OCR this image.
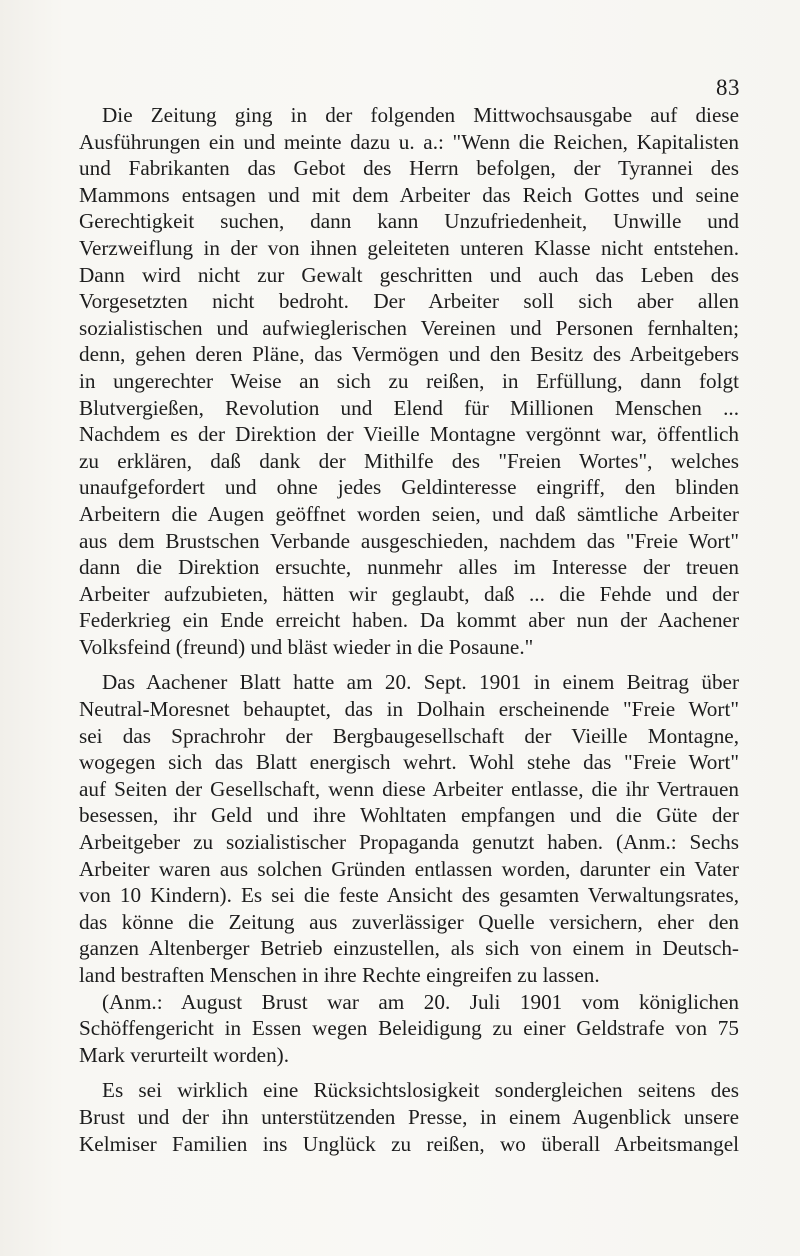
83
Die Zeitung ging in der folgenden Mittwochsausgabe auf diese
Ausführungen ein und meinte dazu u. a.: "Wenn die Reichen, Kapitalisten
und Fabrikanten das Gebot des Herrn befolgen, der Tyrannei des
Mammons entsagen und mit dem Arbeiter das Reich Gottes und seine
Gerechtigkeit suchen, dann kann Unzufriedenheit, Unwille und
Verzweiflung in der von ihnen geleiteten unteren Klasse nicht entstehen.
Dann wird nicht zur Gewalt geschritten und auch das Leben des
Vorgesetzten nicht bedroht. Der Arbeiter soll sich aber allen
sozialistischen und aufwieglerischen Vereinen und Personen fernhalten;
denn, gehen deren Pläne, das Vermögen und den Besitz des Arbeitgebers
in ungerechter Weise an sich zu reißen, in Erfüllung, dann folgt
Blutvergießen, Revolution und Elend für Millionen Menschen ...
Nachdem es der Direktion der Vieille Montagne vergönnt war, öffentlich
zu erklären, daß dank der Mithilfe des "Freien Wortes", welches
unaufgefordert und ohne jedes Geldinteresse eingriff, den blinden
Arbeitern die Augen geöffnet worden seien, und daß sämtliche Arbeiter
aus dem Brustschen Verbande ausgeschieden, nachdem das "Freie Wort"
dann die Direktion ersuchte, nunmehr alles im Interesse der treuen
Arbeiter aufzubieten, hätten wir geglaubt, daß ... die Fehde und der
Federkrieg ein Ende erreicht haben. Da kommt aber nun der Aachener
Volksfeind (freund) und bläst wieder in die Posaune."
Das Aachener Blatt hatte am 20. Sept. 1901 in einem Beitrag über
Neutral-Moresnet behauptet, das in Dolhain erscheinende "Freie Wort"
sei das Sprachrohr der Bergbaugesellschaft der Vieille Montagne,
wogegen sich das Blatt energisch wehrt. Wohl stehe das "Freie Wort"
auf Seiten der Gesellschaft, wenn diese Arbeiter entlasse, die ihr Vertrauen
besessen, ihr Geld und ihre Wohltaten empfangen und die Güte der
Arbeitgeber zu sozialistischer Propaganda genutzt haben. (Anm.: Sechs
Arbeiter waren aus solchen Gründen entlassen worden, darunter ein Vater
von 10 Kindern). Es sei die feste Ansicht des gesamten Verwaltungsrates,
das könne die Zeitung aus zuverlässiger Quelle versichern, eher den
ganzen Altenberger Betrieb einzustellen, als sich von einem in Deutsch-
land bestraften Menschen in ihre Rechte eingreifen zu lassen.
(Anm.: August Brust war am 20. Juli 1901 vom königlichen
Schöffengericht in Essen wegen Beleidigung zu einer Geldstrafe von 75
Mark verurteilt worden).
Es sei wirklich eine Rücksichtslosigkeit sondergleichen seitens des
Brust und der ihn unterstützenden Presse, in einem Augenblick unsere
Kelmiser Familien ins Unglück zu reißen, wo überall Arbeitsmangel
